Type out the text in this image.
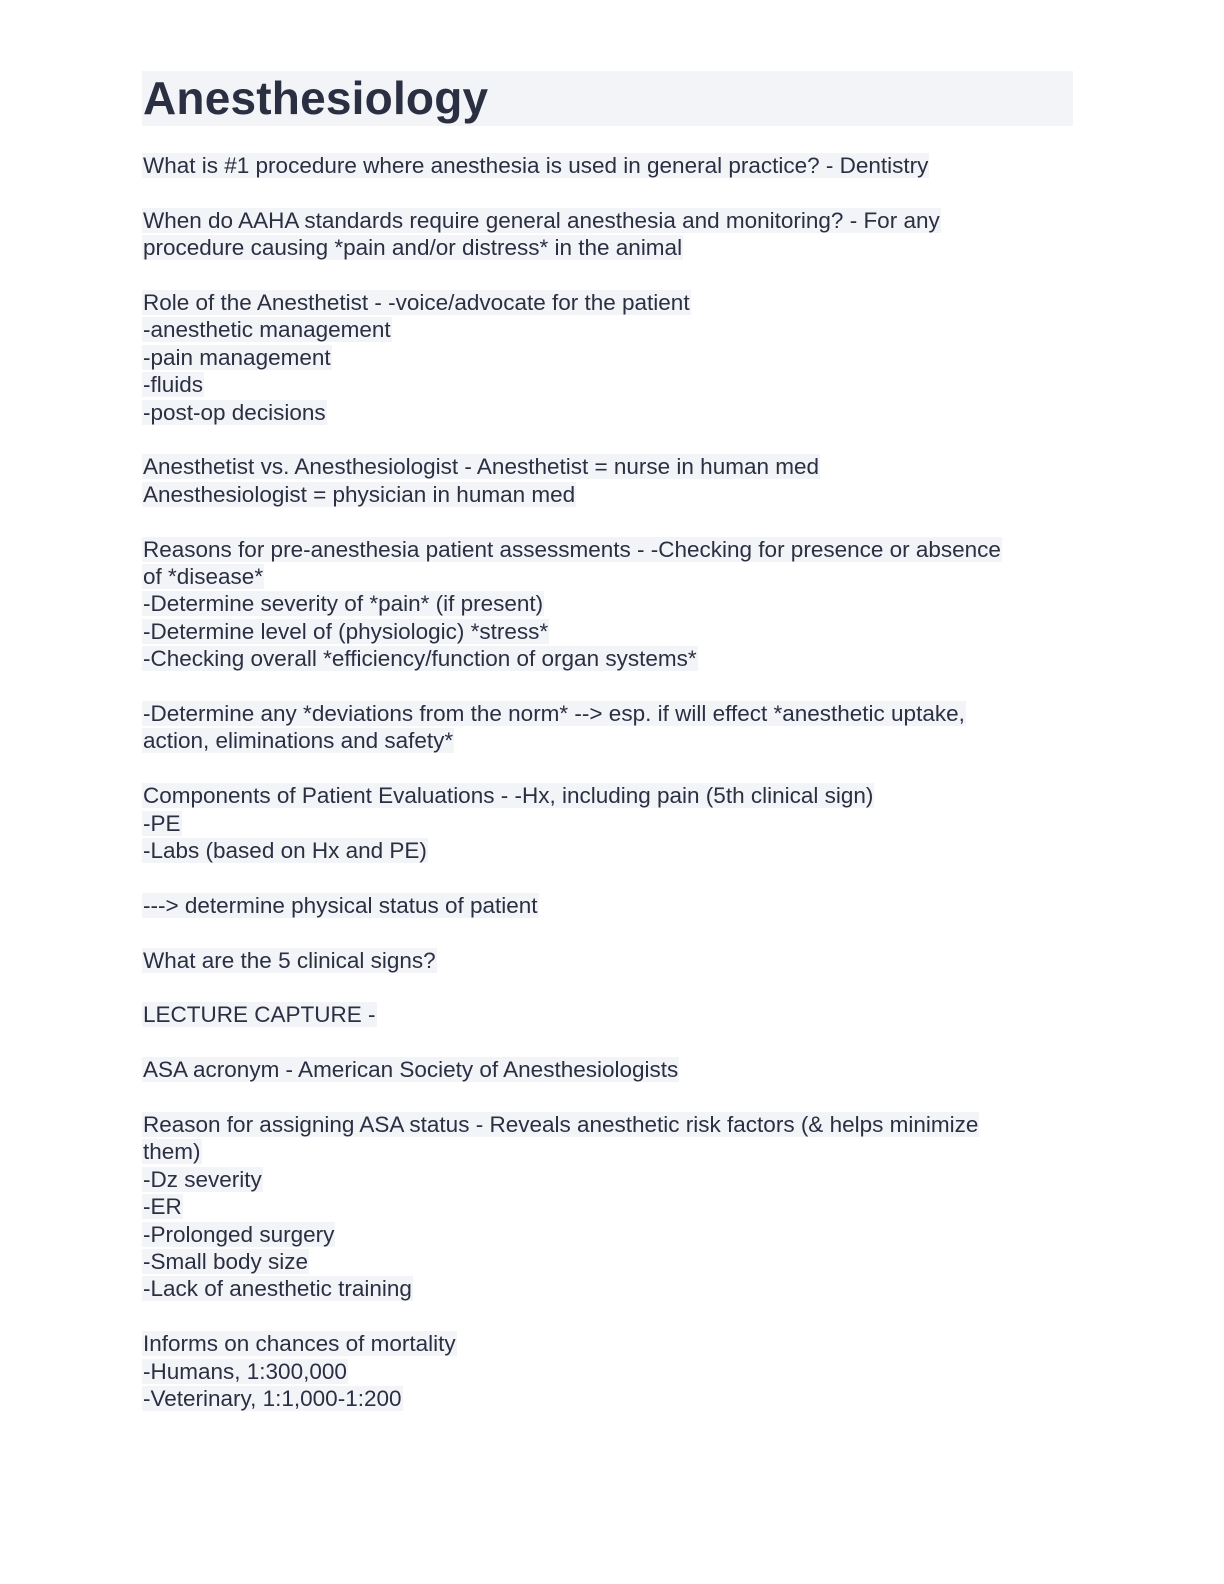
Anesthesiology
What is #1 procedure where anesthesia is used in general practice? - Dentistry
When do AAHA standards require general anesthesia and monitoring? - For any
procedure causing *pain and/or distress* in the animal
Role of the Anesthetist - -voice/advocate for the patient
-anesthetic management
-pain management
-fluids
-post-op decisions
Anesthetist vs. Anesthesiologist - Anesthetist = nurse in human med
Anesthesiologist = physician in human med
Reasons for pre-anesthesia patient assessments - -Checking for presence or absence
of *disease*
-Determine severity of *pain* (if present)
-Determine level of (physiologic) *stress*
-Checking overall *efficiency/function of organ systems*
-Determine any *deviations from the norm* --> esp. if will effect *anesthetic uptake,
action, eliminations and safety*
Components of Patient Evaluations - -Hx, including pain (5th clinical sign)
-PE
-Labs (based on Hx and PE)
---> determine physical status of patient
What are the 5 clinical signs?
LECTURE CAPTURE -
ASA acronym - American Society of Anesthesiologists
Reason for assigning ASA status - Reveals anesthetic risk factors (& helps minimize
them)
-Dz severity
-ER
-Prolonged surgery
-Small body size
-Lack of anesthetic training
Informs on chances of mortality
-Humans, 1:300,000
-Veterinary, 1:1,000-1:200
